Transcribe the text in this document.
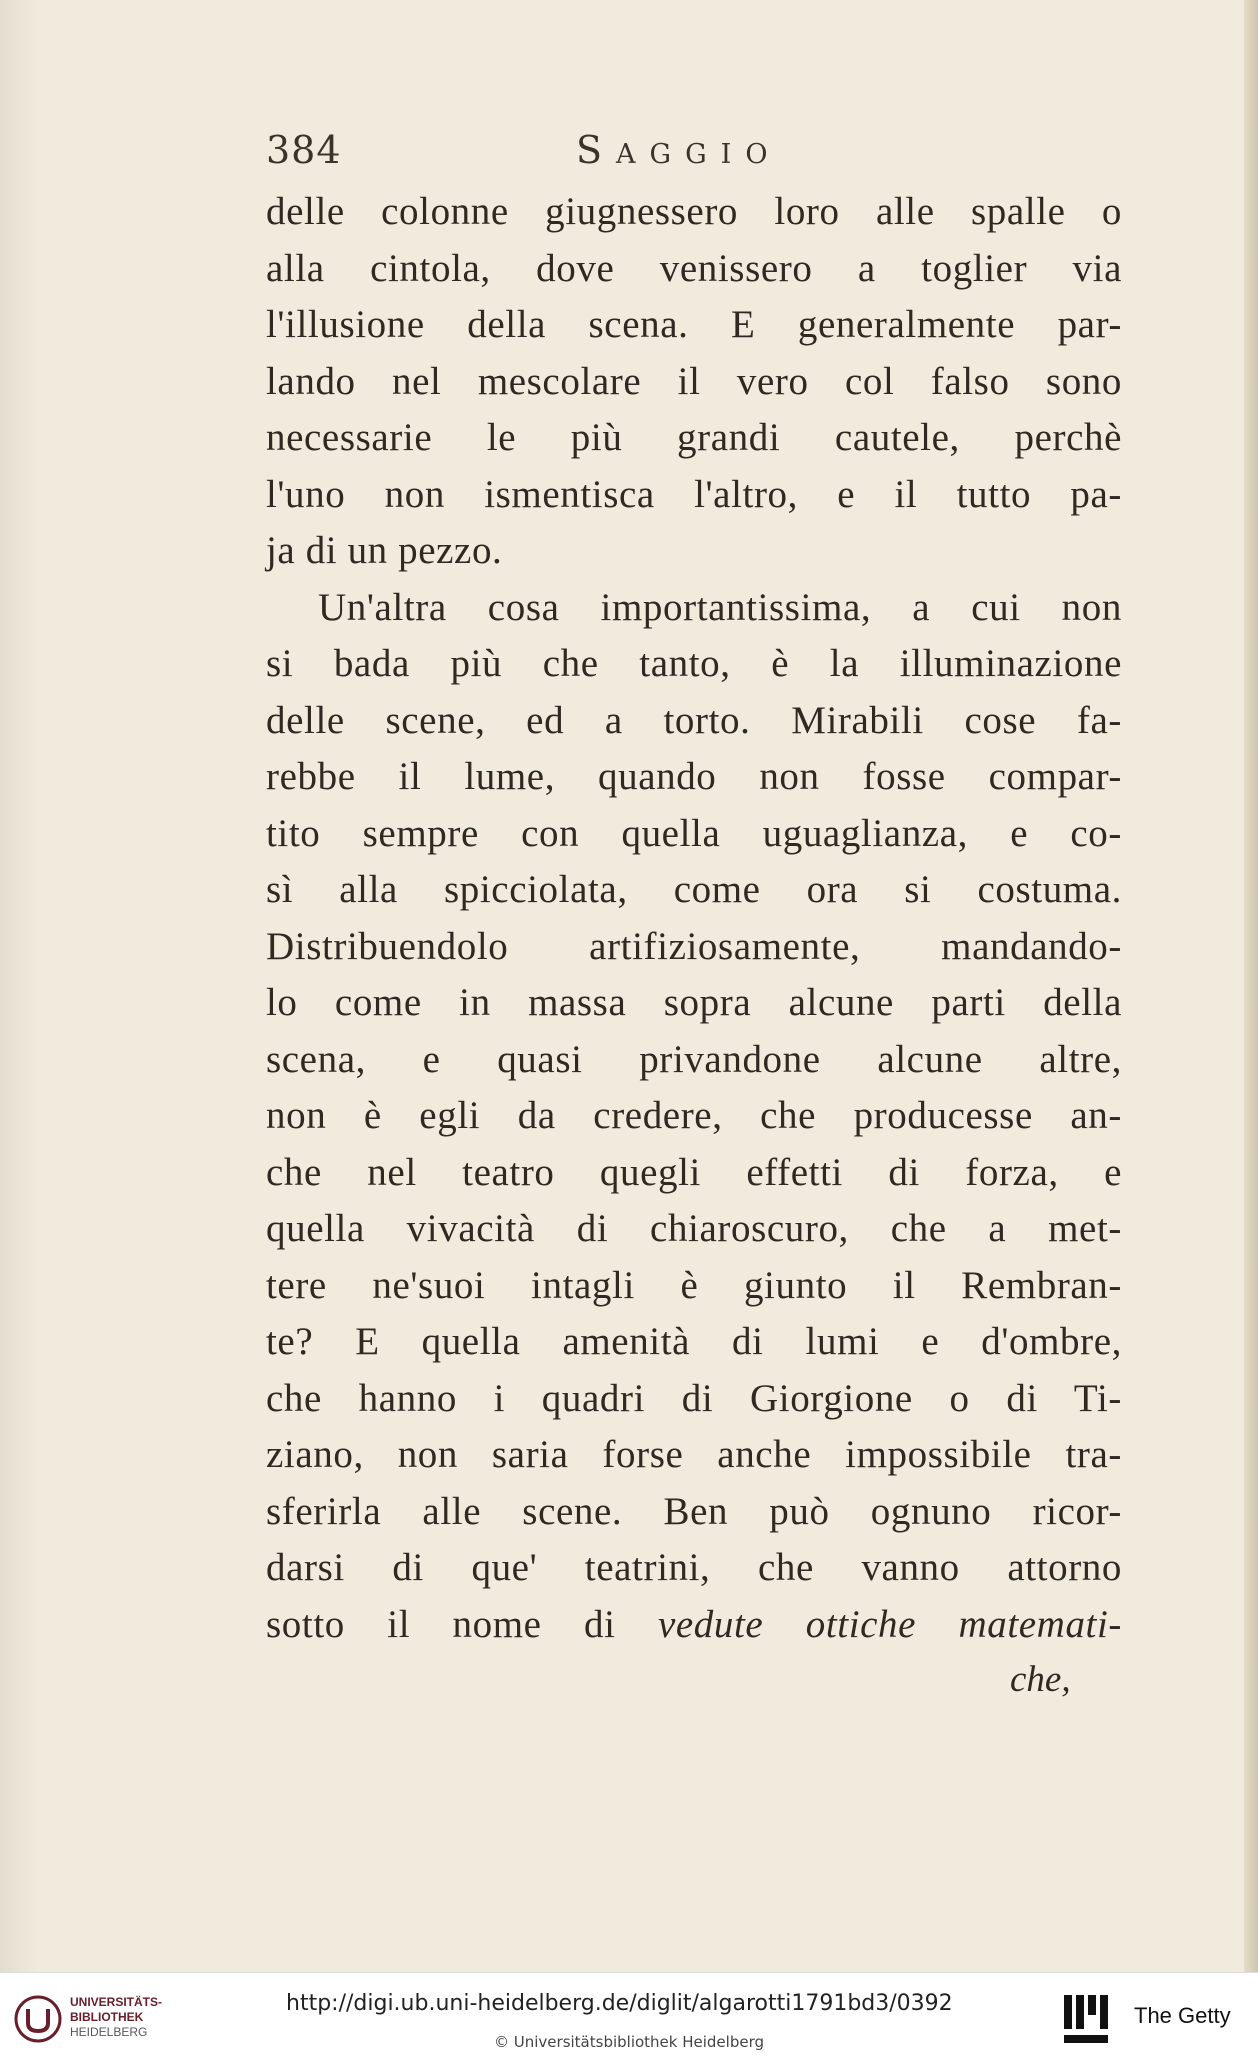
384	Saggio
delle colonne giugnessero loro alle spalle o
alla cintola, dove venissero a toglier via
l'illusione della scena. E generalmente par-
lando nel mescolare il vero col falso sono
necessarie le più grandi cautele, perchè
l'uno non ismentisca l'altro, e il tutto pa-
ja di un pezzo.
Un'altra cosa importantissima, a cui non
si bada più che tanto, è la illuminazione
delle scene, ed a torto. Mirabili cose fa-
rebbe il lume, quando non fosse compar-
tito sempre con quella uguaglianza, e co-
sì alla spicciolata, come ora si costuma.
Distribuendolo artifiziosamente, mandando-
lo come in massa sopra alcune parti della
scena, e quasi privandone alcune altre,
non è egli da credere, che producesse an-
che nel teatro quegli effetti di forza, e
quella vivacità di chiaroscuro, che a met-
tere ne'suoi intagli è giunto il Rembran-
te? E quella amenità di lumi e d'ombre,
che hanno i quadri di Giorgione o di Ti-
ziano, non saria forse anche impossibile tra-
sferirla alle scene. Ben può ognuno ricor-
darsi di que' teatrini, che vanno attorno
sotto il nome di vedute ottiche matemati-
che,
UNIVERSITÄTS-
BIBLIOTHEK
HEIDELBERG
http://digi.ub.uni-heidelberg.de/diglit/algarotti1791bd3/0392
© Universitätsbibliothek Heidelberg
The Getty
